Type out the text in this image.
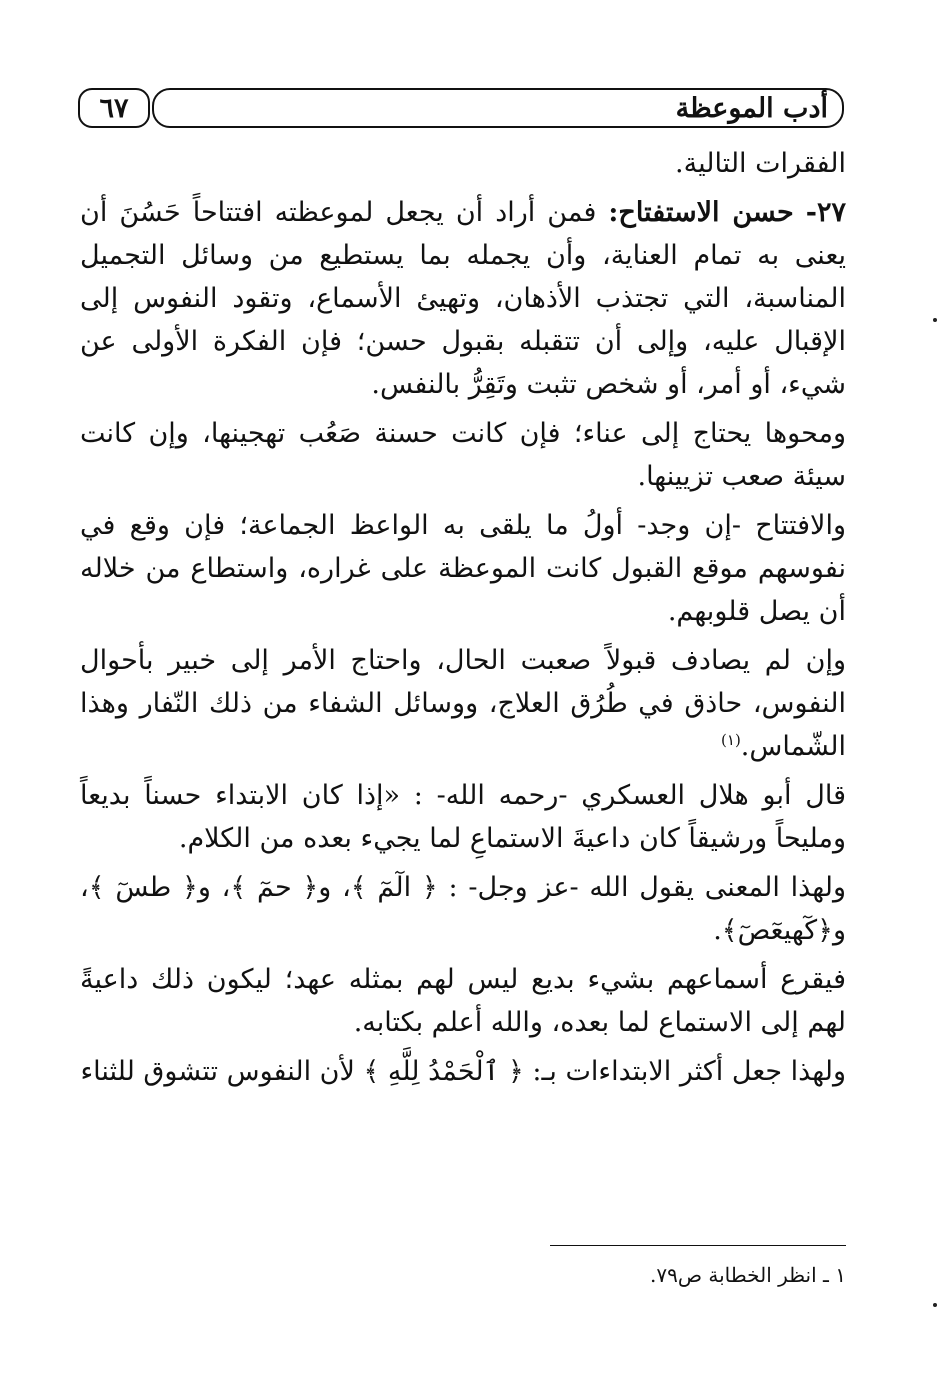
أدب الموعظة
٦٧

الفقرات التالية.

٢٧- حسن الاستفتاح: فمن أراد أن يجعل لموعظته افتتاحاً حَسُنَ أن يعنى به تمام العناية، وأن يجمله بما يستطيع من وسائل التجميل المناسبة، التي تجتذب الأذهان، وتهيئ الأسماع، وتقود النفوس إلى الإقبال عليه، وإلى أن تتقبله بقبول حسن؛ فإن الفكرة الأولى عن شيء، أو أمر، أو شخص تثبت وتَقِرُّ بالنفس.

ومحوها يحتاج إلى عناء؛ فإن كانت حسنة صَعُب تهجينها، وإن كانت سيئة صعب تزيينها.

والافتتاح -إن وجد- أولُ ما يلقى به الواعظ الجماعة؛ فإن وقع في نفوسهم موقع القبول كانت الموعظة على غراره، واستطاع من خلاله أن يصل قلوبهم.

وإن لم يصادف قبولاً صعبت الحال، واحتاج الأمر إلى خبير بأحوال النفوس، حاذق في طُرُق العلاج، ووسائل الشفاء من ذلك النّفار وهذا الشّماس.$^{(١)}$

قال أبو هلال العسكري -رحمه الله- : «إذا كان الابتداء حسناً بديعاً ومليحاً ورشيقاً كان داعيةَ الاستماعِ لما يجيء بعده من الكلام.

ولهذا المعنى يقول الله -عز وجل- : ﴿ الٓمٓ ﴾، و﴿ حمٓ ﴾، و﴿ طسٓ ﴾، و﴿كٓهيعٓصٓ﴾.

فيقرع أسماعهم بشيء بديع ليس لهم بمثله عهد؛ ليكون ذلك داعيةً لهم إلى الاستماع لما بعده، والله أعلم بكتابه.

ولهذا جعل أكثر الابتداءات بـ: ﴿ ٱلْحَمْدُ لِلَّهِ ﴾ لأن النفوس تتشوق للثناء

١ ـ انظر الخطابة ص٧٩.
